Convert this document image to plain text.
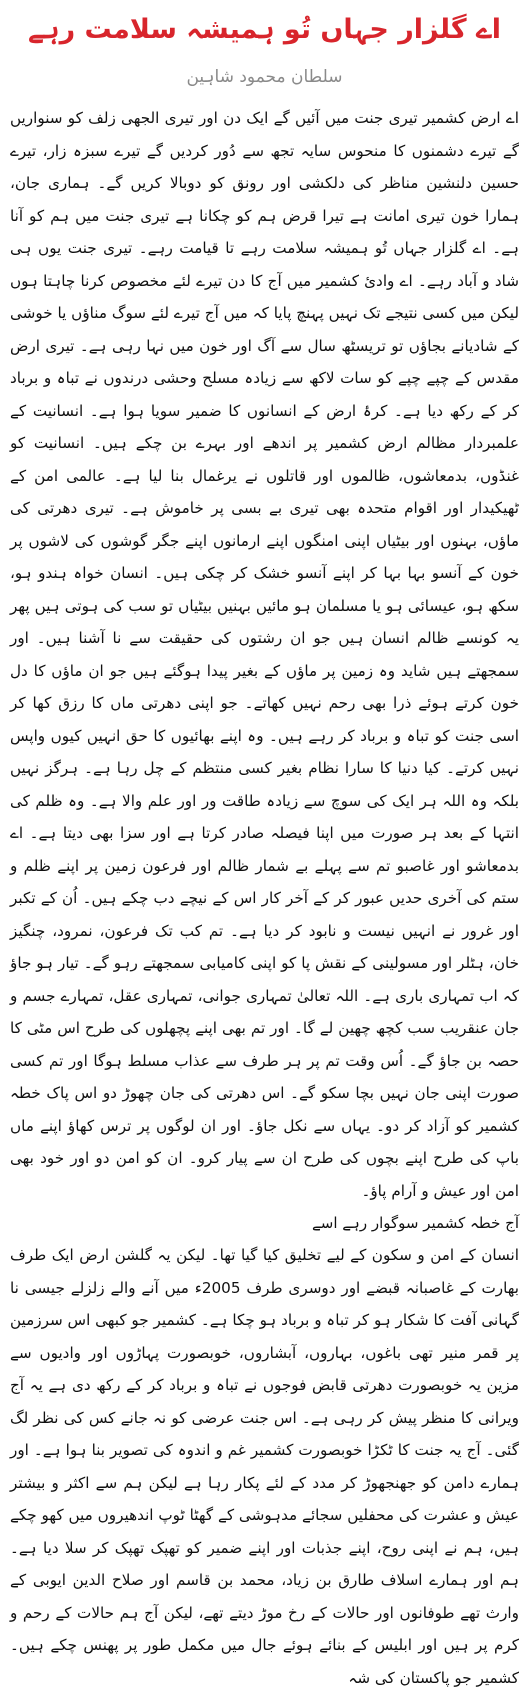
اے گلزار جہاں تُو ہمیشہ سلامت رہے
سلطان محمود شاہین

اے ارض کشمیر تیری جنت میں آئیں گے ایک دن اور تیری الجھی زلف کو سنواریں گے تیرے دشمنوں کا منحوس سایہ تجھ سے دُور کردیں گے تیرے سبزہ زار، تیرے حسین دلنشین مناظر کی دلکشی اور رونق کو دوبالا کریں گے۔ ہماری جان، ہمارا خون تیری امانت ہے تیرا قرض ہم کو چکانا ہے تیری جنت میں ہم کو آنا ہے۔ اے گلزار جہاں تُو ہمیشہ سلامت رہے تا قیامت رہے۔ تیری جنت یوں ہی شاد و آباد رہے۔ اے وادئ کشمیر میں آج کا دن تیرے لئے مخصوص کرنا چاہتا ہوں لیکن میں کسی نتیجے تک نہیں پہنچ پایا کہ میں آج تیرے لئے سوگ مناؤں یا خوشی کے شادیانے بجاؤں تو تریسٹھ سال سے آگ اور خون میں نہا رہی ہے۔ تیری ارض مقدس کے چپے چپے کو سات لاکھ سے زیادہ مسلح وحشی درندوں نے تباہ و برباد کر کے رکھ دیا ہے۔ کرۂ ارض کے انسانوں کا ضمیر سویا ہوا ہے۔ انسانیت کے علمبردار مظالم ارض کشمیر پر اندھے اور بہرے بن چکے ہیں۔ انسانیت کو غنڈوں، بدمعاشوں، ظالموں اور قاتلوں نے یرغمال بنا لیا ہے۔ عالمی امن کے ٹھیکیدار اور اقوام متحدہ بھی تیری بے بسی پر خاموش ہے۔ تیری دھرتی کی ماؤں، بہنوں اور بیٹیاں اپنی امنگوں اپنے ارمانوں اپنے جگر گوشوں کی لاشوں پر خون کے آنسو بہا بہا کر اپنے آنسو خشک کر چکی ہیں۔ انسان خواہ ہندو ہو، سکھ ہو، عیسائی ہو یا مسلمان ہو مائیں بہنیں بیٹیاں تو سب کی ہوتی ہیں پھر یہ کونسے ظالم انسان ہیں جو ان رشتوں کی حقیقت سے نا آشنا ہیں۔ اور سمجھتے ہیں شاید وہ زمین پر ماؤں کے بغیر پیدا ہوگئے ہیں جو ان ماؤں کا دل خون کرتے ہوئے ذرا بھی رحم نہیں کھاتے۔ جو اپنی دھرتی ماں کا رزق کھا کر اسی جنت کو تباہ و برباد کر رہے ہیں۔ وہ اپنے بھائیوں کا حق انہیں کیوں واپس نہیں کرتے۔ کیا دنیا کا سارا نظام بغیر کسی منتظم کے چل رہا ہے۔ ہرگز نہیں بلکہ وہ اللہ ہر ایک کی سوچ سے زیادہ طاقت ور اور علم والا ہے۔ وہ ظلم کی انتہا کے بعد ہر صورت میں اپنا فیصلہ صادر کرتا ہے اور سزا بھی دیتا ہے۔ اے بدمعاشو اور غاصبو تم سے پہلے بے شمار ظالم اور فرعون زمین پر اپنے ظلم و ستم کی آخری حدیں عبور کر کے آخر کار اس کے نیچے دب چکے ہیں۔ اُن کے تکبر اور غرور نے انہیں نیست و نابود کر دیا ہے۔ تم کب تک فرعون، نمرود، چنگیز خان، ہٹلر اور مسولینی کے نقش پا کو اپنی کامیابی سمجھتے رہو گے۔ تیار ہو جاؤ کہ اب تمہاری باری ہے۔ اللہ تعالیٰ تمہاری جوانی، تمہاری عقل، تمہارے جسم و جان عنقریب سب کچھ چھین لے گا۔ اور تم بھی اپنے پچھلوں کی طرح اس مٹی کا حصہ بن جاؤ گے۔ اُس وقت تم پر ہر طرف سے عذاب مسلط ہوگا اور تم کسی صورت اپنی جان نہیں بچا سکو گے۔ اس دھرتی کی جان چھوڑ دو اس پاک خطہ کشمیر کو آزاد کر دو۔ یہاں سے نکل جاؤ۔ اور ان لوگوں پر ترس کھاؤ اپنے ماں باپ کی طرح اپنے بچوں کی طرح ان سے پیار کرو۔ ان کو امن دو اور خود بھی امن اور عیش و آرام پاؤ۔

آج خطہ کشمیر سوگوار رہے اسے

انسان کے امن و سکون کے لیے تخلیق کیا گیا تھا۔ لیکن یہ گلشن ارض ایک طرف بھارت کے غاصبانہ قبضے اور دوسری طرف 2005ء میں آنے والے زلزلے جیسی نا گہانی آفت کا شکار ہو کر تباہ و برباد ہو چکا ہے۔ کشمیر جو کبھی اس سرزمین پر قمر منیر تھی باغوں، بہاروں، آبشاروں، خوبصورت پہاڑوں اور وادیوں سے مزین یہ خوبصورت دھرتی قابض فوجوں نے تباہ و برباد کر کے رکھ دی ہے یہ آج ویرانی کا منظر پیش کر رہی ہے۔ اس جنت عرضی کو نہ جانے کس کی نظر لگ گئی۔ آج یہ جنت کا ٹکڑا خوبصورت کشمیر غم و اندوہ کی تصویر بنا ہوا ہے۔ اور ہمارے دامن کو جھنجھوڑ کر مدد کے لئے پکار رہا ہے لیکن ہم سے اکثر و بیشتر عیش و عشرت کی محفلیں سجائے مدہوشی کے گھٹا ٹوپ اندھیروں میں کھو چکے ہیں، ہم نے اپنی روح، اپنے جذبات اور اپنے ضمیر کو تھپک تھپک کر سلا دیا ہے۔ ہم اور ہمارے اسلاف طارق بن زیاد، محمد بن قاسم اور صلاح الدین ایوبی کے وارث تھے طوفانوں اور حالات کے رخ موڑ دیتے تھے، لیکن آج ہم حالات کے رحم و کرم پر ہیں اور ابلیس کے بنائے ہوئے جال میں مکمل طور پر پھنس چکے ہیں۔ کشمیر جو پاکستان کی شہ
